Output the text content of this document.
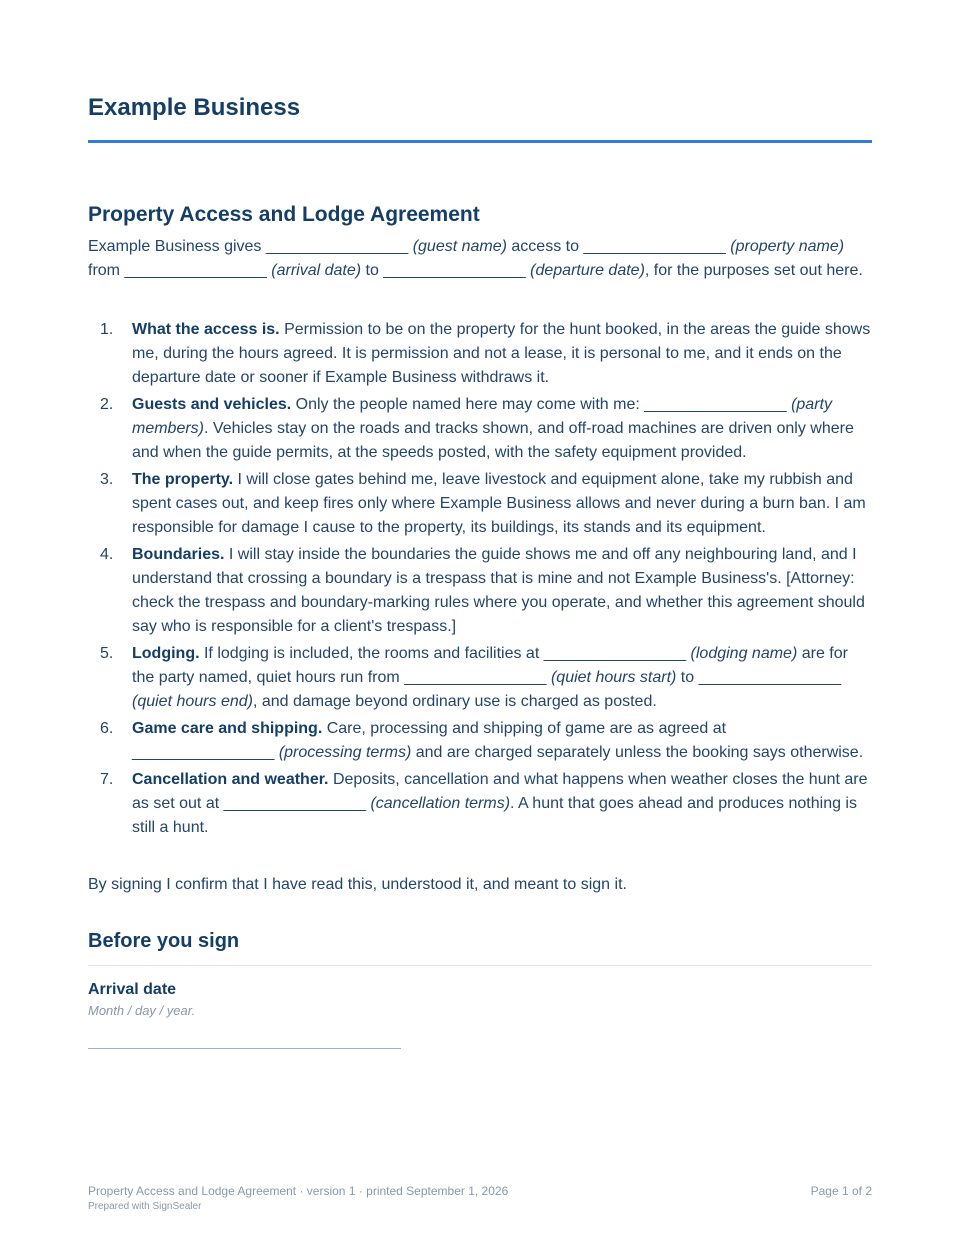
Example Business
Property Access and Lodge Agreement

Example Business gives ________________ (guest name) access to ________________ (property name) from ________________ (arrival date) to ________________ (departure date), for the purposes set out here.

1. What the access is. Permission to be on the property for the hunt booked, in the areas the guide shows me, during the hours agreed. It is permission and not a lease, it is personal to me, and it ends on the departure date or sooner if Example Business withdraws it.
2. Guests and vehicles. Only the people named here may come with me: ________________ (party members). Vehicles stay on the roads and tracks shown, and off-road machines are driven only where and when the guide permits, at the speeds posted, with the safety equipment provided.
3. The property. I will close gates behind me, leave livestock and equipment alone, take my rubbish and spent cases out, and keep fires only where Example Business allows and never during a burn ban. I am responsible for damage I cause to the property, its buildings, its stands and its equipment.
4. Boundaries. I will stay inside the boundaries the guide shows me and off any neighbouring land, and I understand that crossing a boundary is a trespass that is mine and not Example Business's. [Attorney: check the trespass and boundary-marking rules where you operate, and whether this agreement should say who is responsible for a client's trespass.]
5. Lodging. If lodging is included, the rooms and facilities at ________________ (lodging name) are for the party named, quiet hours run from ________________ (quiet hours start) to ________________ (quiet hours end), and damage beyond ordinary use is charged as posted.
6. Game care and shipping. Care, processing and shipping of game are as agreed at ________________ (processing terms) and are charged separately unless the booking says otherwise.
7. Cancellation and weather. Deposits, cancellation and what happens when weather closes the hunt are as set out at ________________ (cancellation terms). A hunt that goes ahead and produces nothing is still a hunt.

By signing I confirm that I have read this, understood it, and meant to sign it.

Before you sign
Arrival date
Month / day / year.
Property Access and Lodge Agreement · version 1 · printed September 1, 2026
Prepared with SignSealer
Page 1 of 2
